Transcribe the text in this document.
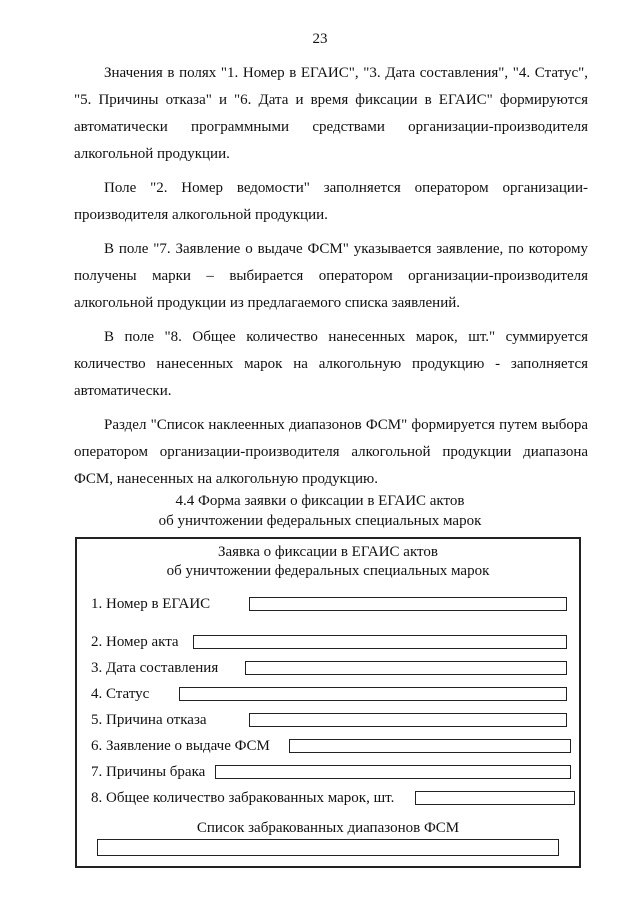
23

Значения в полях "1. Номер в ЕГАИС", "3. Дата составления", "4. Статус", "5. Причины отказа" и "6. Дата и время фиксации в ЕГАИС" формируются автоматически программными средствами организации-производителя алкогольной продукции.

Поле "2. Номер ведомости" заполняется оператором организации-производителя алкогольной продукции.

В поле "7. Заявление о выдаче ФСМ" указывается заявление, по которому получены марки – выбирается оператором организации-производителя алкогольной продукции из предлагаемого списка заявлений.

В поле "8. Общее количество нанесенных марок, шт." суммируется количество нанесенных марок на алкогольную продукцию - заполняется автоматически.

Раздел "Список наклеенных диапазонов ФСМ" формируется путем выбора оператором организации-производителя алкогольной продукции диапазона ФСМ, нанесенных на алкогольную продукцию.

4.4 Форма заявки о фиксации в ЕГАИС актов
об уничтожении федеральных специальных марок
Заявка о фиксации в ЕГАИС актов
об уничтожении федеральных специальных марок
1. Номер в ЕГАИС
2. Номер акта
3. Дата составления
4. Статус
5. Причина отказа
6. Заявление о выдаче ФСМ
7. Причины брака
8. Общее количество забракованных марок, шт.
Список забракованных диапазонов ФСМ
